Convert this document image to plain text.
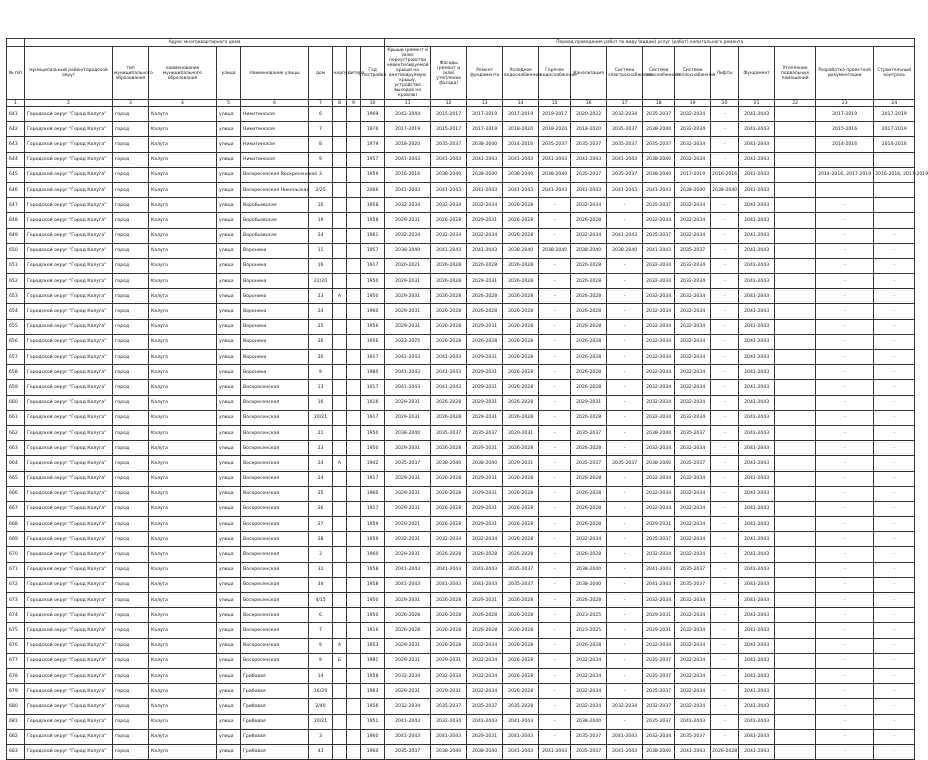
	Адрес многоквартирного дома									Период проведения работ по виду (видам) услуг (работ) капитального ремонта													
№ п/п	муниципальный район/городской округ	тип муниципального образования	наименование муниципального образования	улица	Наименование улицы	дом	корпус	литера	Год постройки	Крыши (ремонт и (или) переустройство невентилируемой крыши на вентилируемую крышу, устройство выходов на кровлю)	Фасады (ремонт и (или) утепление фасада)	Ремонт фундамента	Холодное водоснабжение	Горячее водоснабжение	Канализация	Система электроснабжения	Система газоснабжения	Система теплоснабжения	Лифты	Фундамент	Утепление подвальных помещений	Разработка проектной документации	Строительный контроль
1	2	3	4	5	6	7	8	9	10	11	12	13	14	15	16	17	18	19	20	21	22	23	24
641	Городской округ "Город Калуга"	город	Калуга	улица	Никитинская	6			1969	2042-2044	2015-2017	2017-2019	2017-2019	2019-2017	2020-2022	2032-2034	2035-2037	2032-2034	-	2041-2043		2017-2019	2017-2019
642	Городской округ "Город Калуга"	город	Калуга	улица	Никитинская	7			1976	2017-2019	2015-2017	2017-2019	2018-2020	2018-2020	2018-2020	2035-2037	2038-2040	2032-2034	-	2041-2043		2015-2016	2017-2019
643	Городской округ "Город Калуга"	город	Калуга	улица	Никитинская	8			1979	2018-2020	2035-2037	2038-2040	2014-2016	2035-2037	2035-2037	2035-2037	2035-2037	2032-2034	-	2041-2043		2014-2016	2014-2016
644	Городской округ "Город Калуга"	город	Калуга	улица	Никитинская	9			1957	2041-2043	2041-2043	2041-2043	2041-2043	2041-2043	2041-2043	2041-2043	2038-2040	2032-2034	-	2041-2043			
645	Городской округ "Город Калуга"	город	Калуга	улица	Воскресенская Воскресенская	3			1959	2016-2016	2038-2040	2038-2040	2038-2040	2038-2040	2035-2037	2035-2037	2038-2040	2017-2019	2016-2016	2041-2043		2014-2016, 2017-2019	2016-2016, 2017-2019
646	Городской округ "Город Калуга"	город	Калуга	улица	Воскресенская Никольская	2/25			2006	2041-2043	2041-2043	2041-2043	2041-2043	2041-2043	2041-2043	2041-2043	2041-2043	2038-2040	2038-2040	2041-2043			
647	Городской округ "Город Калуга"	город	Калуга	улица	Воробьевская	10			1958	2032-2034	2032-2034	2032-2034	2026-2028	-	2032-2034	-	2035-2037	2032-2034	-	2041-2043		-	
648	Городской округ "Город Калуга"	город	Калуга	улица	Воробьевская	19			1958	2029-2031	2026-2028	2029-2031	2026-2028	-	2026-2028	-	2032-2034	2032-2034	-	2041-2043		-	
649	Городской округ "Город Калуга"	город	Калуга	улица	Воробьевская	24			1961	2032-2034	2032-2034	2032-2034	2026-2028	-	2032-2034	2041-2043	2035-2037	2032-2034	-	2041-2043		-	-
650	Городской округ "Город Калуга"	город	Калуга	улица	Воронина	11			1957	2038-2040	2041-2043	2041-2043	2038-2040	2038-2040	2038-2040	2038-2040	2041-2043	2035-2037	-	2041-2043		-	-
651	Городской округ "Город Калуга"	город	Калуга	улица	Воронина	16			1917	2020-2021	2026-2028	2026-2028	2026-2028	-	2026-2028	-	2032-2034	2032-2034	-	2041-2043		-	-
652	Городской округ "Город Калуга"	город	Калуга	улица	Воронина	22/20			1950	2029-2031	2026-2028	2029-2031	2026-2028	-	2026-2028	-	2032-2034	2032-2034	-	2041-2043		-	-
653	Городской округ "Город Калуга"	город	Калуга	улица	Воронина	23	А		1950	2029-2031	2026-2028	2026-2028	2026-2028	-	2026-2028	-	2032-2034	2032-2034	-	2041-2043		-	-
654	Городской округ "Город Калуга"	город	Калуга	улица	Воронина	24			1960	2029-2031	2026-2028	2026-2028	2026-2028	-	2026-2028	-	2032-2034	2032-2034	-	2041-2043		-	-
655	Городской округ "Город Калуга"	город	Калуга	улица	Воронина	25			1956	2029-2031	2026-2028	2029-2031	2026-2028	-	2026-2028	-	2032-2034	2032-2034	-	2041-2043		-	-
656	Городской округ "Город Калуга"	город	Калуга	улица	Воронина	26			1956	2023-2025	2026-2028	2026-2028	2026-2028	-	2026-2028	-	2032-2034	2032-2034	-	2041-2043		-	-
657	Городской округ "Город Калуга"	город	Калуга	улица	Воронина	30			1917	2041-2043	2041-2043	2029-2031	2026-2028	-	2026-2028	-	2032-2034	2032-2034	-	2041-2043		-	-
658	Городской округ "Город Калуга"	город	Калуга	улица	Воронина	9			1980	2041-2043	2041-2043	2029-2031	2026-2028	-	2026-2028	-	2032-2034	2032-2034	-	2041-2043		-	-
659	Городской округ "Город Калуга"	город	Калуга	улица	Воскресенская	13			1917	2041-2043	2041-2043	2029-2031	2026-2028	-	2026-2028	-	2032-2034	2032-2034	-	2041-2043		-	-
660	Городской округ "Город Калуга"	город	Калуга	улица	Воскресенская	16			1916	2029-2031	2026-2028	2029-2031	2026-2028	-	2029-2031	-	2032-2034	2032-2034	-	2041-2043		-	-
661	Городской округ "Город Калуга"	город	Калуга	улица	Воскресенская	20/21			1917	2029-2031	2026-2028	2029-2031	2026-2028	-	2026-2028	-	2032-2034	2032-2034	-	2041-2043		-	-
662	Городской округ "Город Калуга"	город	Калуга	улица	Воскресенская	21			1950	2038-2040	2035-2037	2035-2037	2029-2031	-	2035-2037	-	2038-2040	2035-2037	-	2041-2043		-	-
663	Городской округ "Город Калуга"	город	Калуга	улица	Воскресенская	23			1950	2029-2031	2026-2028	2029-2031	2026-2028	-	2026-2028	-	2032-2034	2032-2034	-	2041-2043		-	-
664	Городской округ "Город Калуга"	город	Калуга	улица	Воскресенская	24	А		1942	2035-2037	2038-2040	2038-2040	2029-2031	-	2035-2037	2035-2037	2038-2040	2035-2037	-	2041-2043		-	-
665	Городской округ "Город Калуга"	город	Калуга	улица	Воскресенская	24			1917	2029-2031	2026-2028	2029-2031	2026-2028	-	2026-2028	-	2032-2034	2032-2034	-	2041-2043		-	-
666	Городской округ "Город Калуга"	город	Калуга	улица	Воскресенская	25			1960	2029-2031	2026-2028	2029-2031	2026-2028	-	2026-2028	-	2032-2034	2032-2034	-	2041-2043		-	-
667	Городской округ "Город Калуга"	город	Калуга	улица	Воскресенская	26			1917	2029-2031	2026-2028	2029-2031	2026-2028	-	2026-2028	-	2032-2034	2032-2034	-	2041-2043		-	-
668	Городской округ "Город Калуга"	город	Калуга	улица	Воскресенская	27			1959	2020-2021	2026-2028	2029-2031	2026-2028	-	2026-2028	-	2029-2031	2032-2034	-	2041-2043		-	-
669	Городской округ "Город Калуга"	город	Калуга	улица	Воскресенская	28			1959	2032-2031	2032-2034	2032-2034	2026-2028	-	2032-2034	-	2035-2037	2032-2034	-	2041-2043		-	-
670	Городской округ "Город Калуга"	город	Калуга	улица	Воскресенская	3			1960	2029-2031	2026-2028	2026-2028	2026-2028	-	2026-2028	-	2032-2034	2032-2034	-	2041-2043		-	-
671	Городской округ "Город Калуга"	город	Калуга	улица	Воскресенская	31			1958	2041-2043	2041-2043	2041-2043	2035-2037	-	2038-2040	-	2041-2043	2035-2037	-	2041-2043		-	-
672	Городской округ "Город Калуга"	город	Калуга	улица	Воскресенская	34			1958	2041-2043	2041-2043	2041-2043	2035-2037	-	2038-2040	-	2041-2043	2035-2037	-	2041-2043		-	-
673	Городской округ "Город Калуга"	город	Калуга	улица	Воскресенская	4/15			1950	2029-2031	2026-2028	2029-2031	2026-2028	-	2026-2028	-	2032-2034	2032-2034	-	2041-2043		-	-
674	Городской округ "Город Калуга"	город	Калуга	улица	Воскресенская	6			1950	2026-2028	2026-2028	2026-2028	2026-2028	-	2023-2025	-	2029-2031	2032-2034	-	2041-2043		-	-
675	Городской округ "Город Калуга"	город	Калуга	улица	Воскресенская	7			1916	2026-2028	2026-2028	2026-2028	2026-2028	-	2023-2025	-	2029-2031	2032-2034	-	2041-2043		-	-
676	Городской округ "Город Калуга"	город	Калуга	улица	Воскресенская	9	А		1953	2029-2031	2026-2028	2032-2034	2026-2028	-	2026-2028	-	2032-2034	2032-2034	-	2041-2043		-	-
677	Городской округ "Город Калуга"	город	Калуга	улица	Воскресенская	9	Б		1981	2029-2031	2029-2031	2032-2034	2026-2028	-	2032-2034	-	2035-2037	2032-2034	-	2041-2043		-	-
678	Городской округ "Город Калуга"	город	Калуга	улица	Грибовая	14			1958	2032-2034	2032-2034	2032-2034	2026-2028	-	2032-2034	-	2035-2037	2032-2034	-	2041-2043		-	-
679	Городской округ "Город Калуга"	город	Калуга	улица	Грибовая	16/29			1963	2029-2031	2029-2031	2032-2034	2026-2028	-	2032-2034	-	2035-2037	2032-2034	-	2041-2043		-	-
680	Городской округ "Город Калуга"	город	Калуга	улица	Грибовая	2/40			1956	2032-2034	2035-2037	2035-2037	2035-2028	-	2032-2034	2032-2034	2032-2037	2032-2034	-	2041-2043		-	-
681	Городской округ "Город Калуга"	город	Калуга	улица	Грибовая	20/21			1951	2041-2043	2032-2034	2041-2043	2041-2043	-	2038-2040	-	2035-2037	2041-2043	-	2041-2043		-	-
682	Городской округ "Город Калуга"	город	Калуга	улица	Грибовая	3			1960	2041-2043	2041-2043	2029-2031	2041-2043	-	2035-2037	2041-2043	2032-2034	2035-2037	-	2041-2043		-	-
683	Городской округ "Город Калуга"	город	Калуга	улица	Грибовая	43			1960	2035-2037	2038-2040	2038-2040	2041-2043	2041-2043	2035-2037	2041-2043	2038-2040	2041-2043	2026-2028	2041-2043		-	-
